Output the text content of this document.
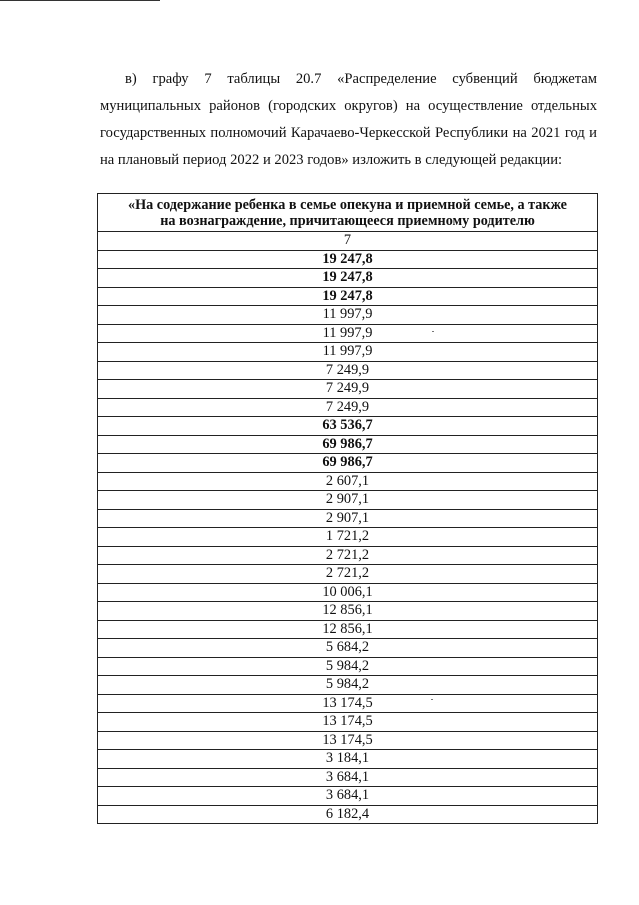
в) графу 7 таблицы 20.7 «Распределение субвенций бюджетам муниципальных районов (городских округов) на осуществление отдельных государственных полномочий Карачаево-Черкесской Республики на 2021 год и на плановый период 2022 и 2023 годов» изложить в следующей редакции:

«На содержание ребенка в семье опекуна и приемной семье, а также
на вознаграждение, причитающееся приемному родителю
7
19 247,8
19 247,8
19 247,8
11 997,9
11 997,9
11 997,9
7 249,9
7 249,9
7 249,9
63 536,7
69 986,7
69 986,7
2 607,1
2 907,1
2 907,1
1 721,2
2 721,2
2 721,2
10 006,1
12 856,1
12 856,1
5 684,2
5 984,2
5 984,2
13 174,5
13 174,5
13 174,5
3 184,1
3 684,1
3 684,1
6 182,4
